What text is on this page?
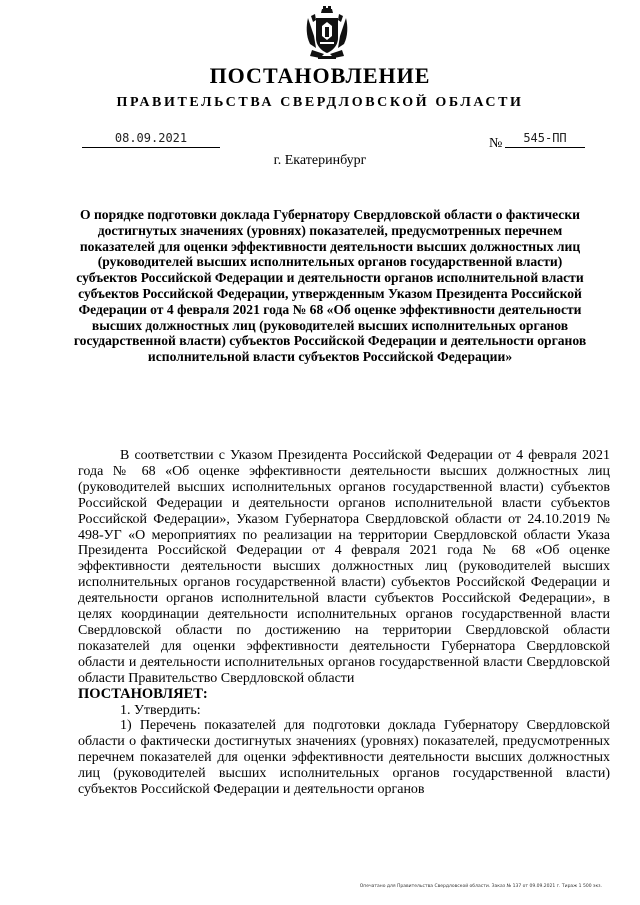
ПОСТАНОВЛЕНИЕ
ПРАВИТЕЛЬСТВА СВЕРДЛОВСКОЙ ОБЛАСТИ
08.09.2021	№	545-ПП
г. Екатеринбург
О порядке подготовки доклада Губернатору Свердловской области о фактически достигнутых значениях (уровнях) показателей, предусмотренных перечнем показателей для оценки эффективности деятельности высших должностных лиц (руководителей высших исполнительных органов государственной власти) субъектов Российской Федерации и деятельности органов исполнительной власти субъектов Российской Федерации, утвержденным Указом Президента Российской Федерации от 4 февраля 2021 года № 68 «Об оценке эффективности деятельности высших должностных лиц (руководителей высших исполнительных органов государственной власти) субъектов Российской Федерации и деятельности органов исполнительной власти субъектов Российской Федерации»

В соответствии с Указом Президента Российской Федерации от 4 февраля 2021 года № 68 «Об оценке эффективности деятельности высших должностных лиц (руководителей высших исполнительных органов государственной власти) субъектов Российской Федерации и деятельности органов исполнительной власти субъектов Российской Федерации», Указом Губернатора Свердловской области от 24.10.2019 № 498-УГ «О мероприятиях по реализации на территории Свердловской области Указа Президента Российской Федерации от 4 февраля 2021 года № 68 «Об оценке эффективности деятельности высших должностных лиц (руководителей высших исполнительных органов государственной власти) субъектов Российской Федерации и деятельности органов исполнительной власти субъектов Российской Федерации», в целях координации деятельности исполнительных органов государственной власти Свердловской области по достижению на территории Свердловской области показателей для оценки эффективности деятельности Губернатора Свердловской области и деятельности исполнительных органов государственной власти Свердловской области Правительство Свердловской области

ПОСТАНОВЛЯЕТ:

1. Утвердить:

1) Перечень показателей для подготовки доклада Губернатору Свердловской области о фактически достигнутых значениях (уровнях) показателей, предусмотренных перечнем показателей для оценки эффективности деятельности высших должностных лиц (руководителей высших исполнительных органов государственной власти) субъектов Российской Федерации и деятельности органов

Опечатано для Правительства Свердловской области. Заказ № 137 от 09.09.2021 г. Тираж 1 500 экз.
